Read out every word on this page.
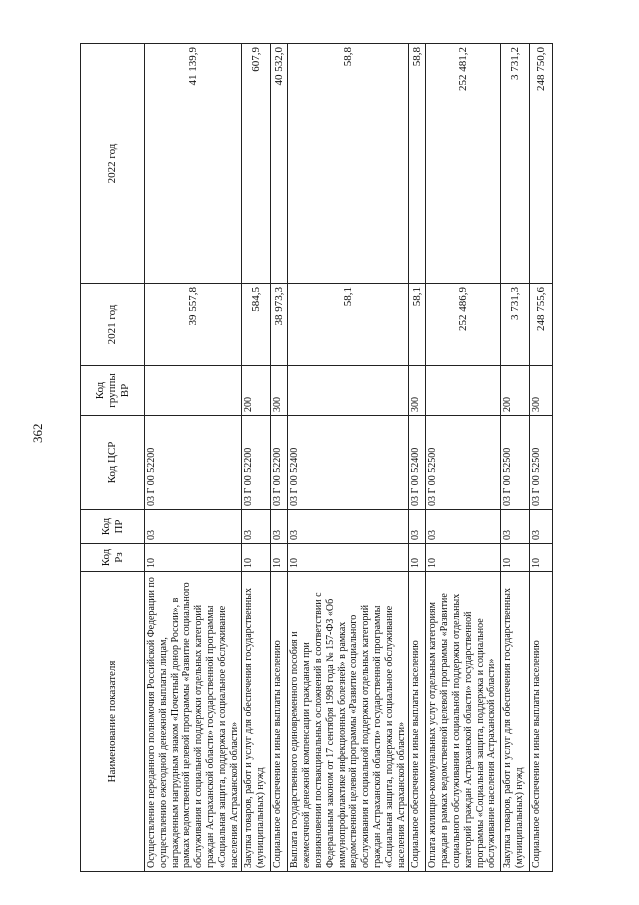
362
Наименование показателя	Код Рз	Код ПР	Код ЦСР	Код группы ВР	2021 год	2022 год
Осуществление переданного полномочия Российской Федерации по осуществлению ежегодной денежной выплаты лицам, награжденным нагрудным знаком «Почетный донор России», в рамках ведомственной целевой программы «Развитие социального обслуживания и социальной поддержки отдельных категорий граждан Астраханской области» государственной программы «Социальная защита, поддержка и социальное обслуживание населения Астраханской области»	10	03	03 Г 00 52200		39 557,8	41 139,9
Закупка товаров, работ и услуг для обеспечения государственных (муниципальных) нужд	10	03	03 Г 00 52200	200	584,5	607,9
Социальное обеспечение и иные выплаты населению	10	03	03 Г 00 52200	300	38 973,3	40 532,0
Выплата государственного единовременного пособия и ежемесячной денежной компенсации гражданам при возникновении поствакцинальных осложнений в соответствии с Федеральным законом от 17 сентября 1998 года № 157-ФЗ «Об иммунопрофилактике инфекционных болезней» в рамках ведомственной целевой программы «Развитие социального обслуживания и социальной поддержки отдельных категорий граждан Астраханской области» государственной программы «Социальная защита, поддержка и социальное обслуживание населения Астраханской области»	10	03	03 Г 00 52400		58,1	58,8
Социальное обеспечение и иные выплаты населению	10	03	03 Г 00 52400	300	58,1	58,8
Оплата жилищно-коммунальных услуг отдельным категориям граждан в рамках ведомственной целевой программы «Развитие социального обслуживания и социальной поддержки отдельных категорий граждан Астраханской области» государственной программы «Социальная защита, поддержка и социальное обслуживание населения Астраханской области»	10	03	03 Г 00 52500		252 486,9	252 481,2
Закупка товаров, работ и услуг для обеспечения государственных (муниципальных) нужд	10	03	03 Г 00 52500	200	3 731,3	3 731,2
Социальное обеспечение и иные выплаты населению	10	03	03 Г 00 52500	300	248 755,6	248 750,0
